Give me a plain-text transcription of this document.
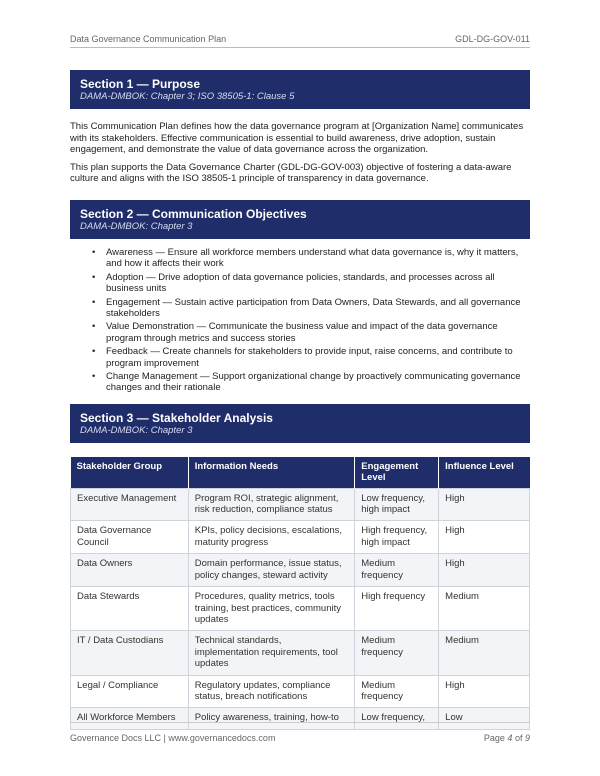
Data Governance Communication Plan	GDL-DG-GOV-011
Section 1 — Purpose
DAMA-DMBOK: Chapter 3; ISO 38505-1: Clause 5

This Communication Plan defines how the data governance program at [Organization Name] communicates with its stakeholders. Effective communication is essential to build awareness, drive adoption, sustain engagement, and demonstrate the value of data governance across the organization.

This plan supports the Data Governance Charter (GDL-DG-GOV-003) objective of fostering a data-aware culture and aligns with the ISO 38505-1 principle of transparency in data governance.

Section 2 — Communication Objectives
DAMA-DMBOK: Chapter 3
• Awareness — Ensure all workforce members understand what data governance is, why it matters, and how it affects their work
• Adoption — Drive adoption of data governance policies, standards, and processes across all business units
• Engagement — Sustain active participation from Data Owners, Data Stewards, and all governance stakeholders
• Value Demonstration — Communicate the business value and impact of the data governance program through metrics and success stories
• Feedback — Create channels for stakeholders to provide input, raise concerns, and contribute to program improvement
• Change Management — Support organizational change by proactively communicating governance changes and their rationale
Section 3 — Stakeholder Analysis
DAMA-DMBOK: Chapter 3
Stakeholder Group	Information Needs	Engagement Level	Influence Level
Executive Management	Program ROI, strategic alignment, risk reduction, compliance status	Low frequency, high impact	High
Data Governance Council	KPIs, policy decisions, escalations, maturity progress	High frequency, high impact	High
Data Owners	Domain performance, issue status, policy changes, steward activity	Medium frequency	High
Data Stewards	Procedures, quality metrics, tools training, best practices, community updates	High frequency	Medium
IT / Data Custodians	Technical standards, implementation requirements, tool updates	Medium frequency	Medium
Legal / Compliance	Regulatory updates, compliance status, breach notifications	Medium frequency	High
All Workforce Members	Policy awareness, training, how-to	Low frequency,	Low
Governance Docs LLC | www.governancedocs.com	Page 4 of 9
